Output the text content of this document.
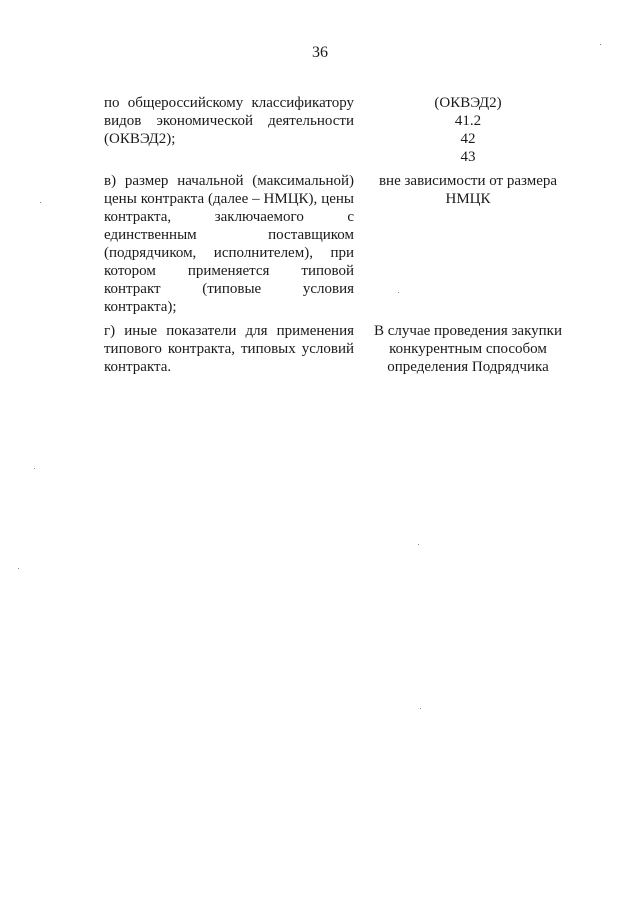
36
по общероссийскому классификатору
видов экономической деятельности
(ОКВЭД2);
(ОКВЭД2)
41.2
42
43
в) размер начальной (максимальной)
цены контракта (далее – НМЦК), цены
контракта, заключаемого с
единственным поставщиком
(подрядчиком, исполнителем), при
котором применяется типовой
контракт (типовые условия
контракта);
вне зависимости от размера
НМЦК
г) иные показатели для применения
типового контракта, типовых условий
контракта.
В случае проведения закупки
конкурентным способом
определения Подрядчика
